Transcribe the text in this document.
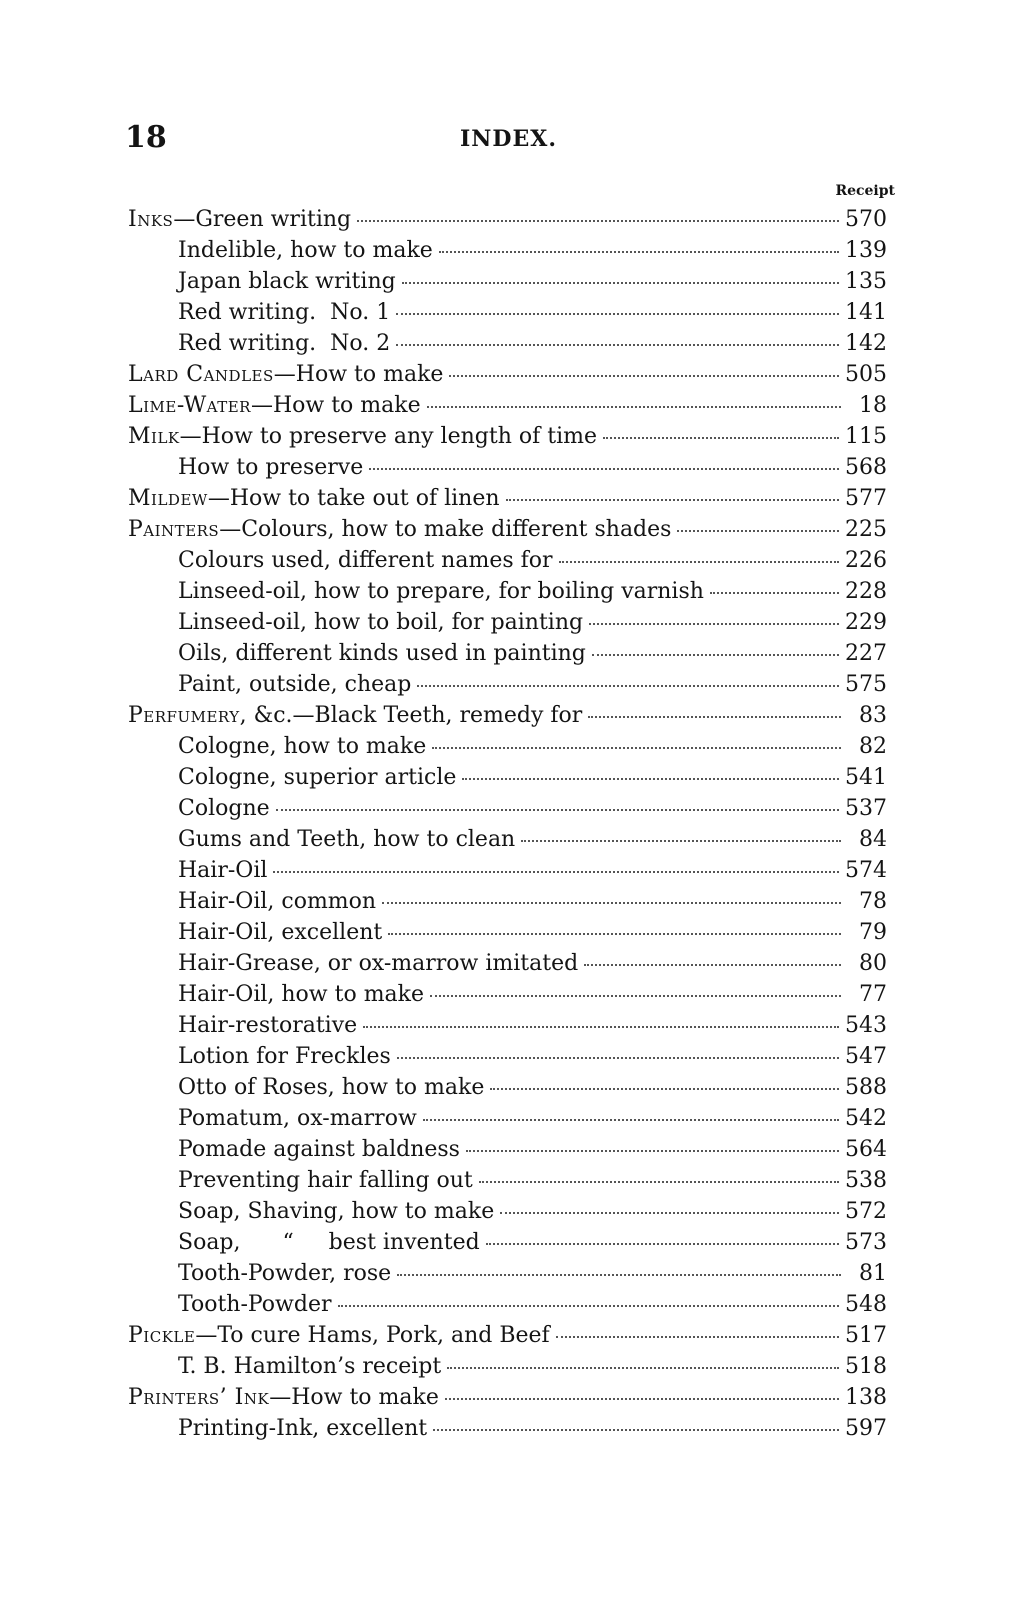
18	INDEX.
Receipt
Inks—Green writing	570
Indelible, how to make	139
Japan black writing	135
Red writing.  No. 1	141
Red writing.  No. 2	142
Lard Candles—How to make	505
Lime-Water—How to make	18
Milk—How to preserve any length of time	115
How to preserve	568
Mildew—How to take out of linen	577
Painters—Colours, how to make different shades	225
Colours used, different names for	226
Linseed-oil, how to prepare, for boiling varnish	228
Linseed-oil, how to boil, for painting	229
Oils, different kinds used in painting	227
Paint, outside, cheap	575
Perfumery, &c.—Black Teeth, remedy for	83
Cologne, how to make	82
Cologne, superior article	541
Cologne	537
Gums and Teeth, how to clean	84
Hair-Oil	574
Hair-Oil, common	78
Hair-Oil, excellent	79
Hair-Grease, or ox-marrow imitated	80
Hair-Oil, how to make	77
Hair-restorative	543
Lotion for Freckles	547
Otto of Roses, how to make	588
Pomatum, ox-marrow	542
Pomade against baldness	564
Preventing hair falling out	538
Soap, Shaving, how to make	572
Soap,      “     best invented	573
Tooth-Powder, rose	81
Tooth-Powder	548
Pickle—To cure Hams, Pork, and Beef	517
T. B. Hamilton’s receipt	518
Printers’ Ink—How to make	138
Printing-Ink, excellent	597
